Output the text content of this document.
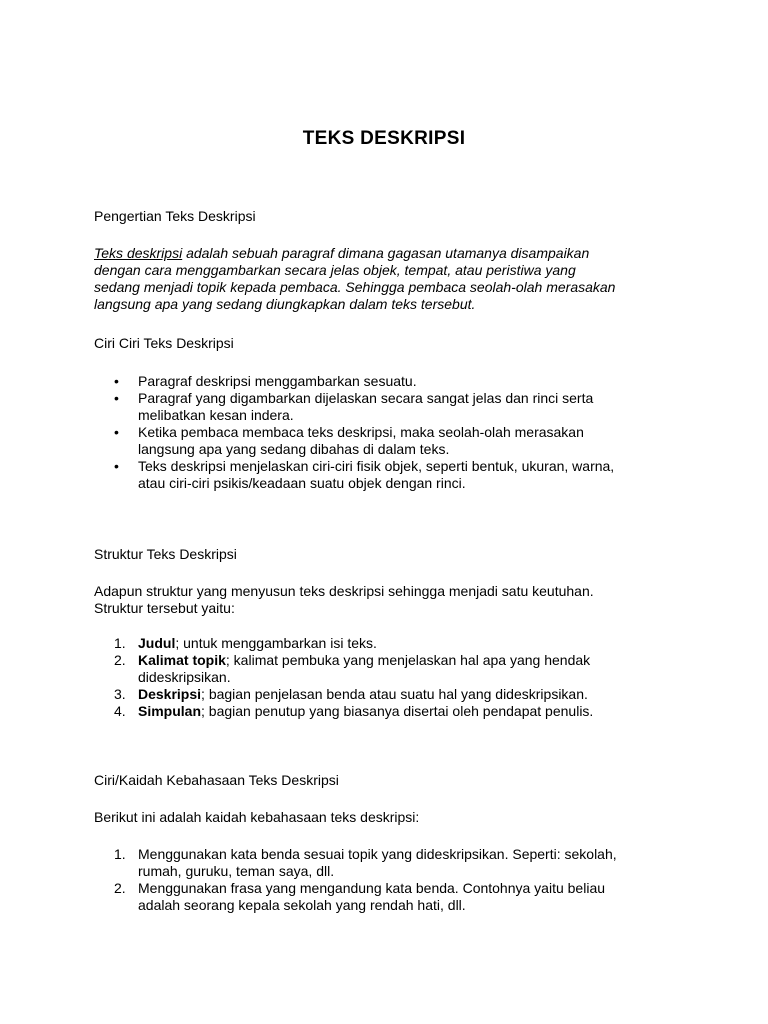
TEKS DESKRIPSI
Pengertian Teks Deskripsi
Teks deskripsi adalah sebuah paragraf dimana gagasan utamanya disampaikan
dengan cara menggambarkan secara jelas objek, tempat, atau peristiwa yang
sedang menjadi topik kepada pembaca. Sehingga pembaca seolah-olah merasakan
langsung apa yang sedang diungkapkan dalam teks tersebut.
Ciri Ciri Teks Deskripsi
• Paragraf deskripsi menggambarkan sesuatu.
• Paragraf yang digambarkan dijelaskan secara sangat jelas dan rinci serta
melibatkan kesan indera.
• Ketika pembaca membaca teks deskripsi, maka seolah-olah merasakan
langsung apa yang sedang dibahas di dalam teks.
• Teks deskripsi menjelaskan ciri-ciri fisik objek, seperti bentuk, ukuran, warna,
atau ciri-ciri psikis/keadaan suatu objek dengan rinci.
Struktur Teks Deskripsi
Adapun struktur yang menyusun teks deskripsi sehingga menjadi satu keutuhan.
Struktur tersebut yaitu:
1. Judul; untuk menggambarkan isi teks.
2. Kalimat topik; kalimat pembuka yang menjelaskan hal apa yang hendak
dideskripsikan.
3. Deskripsi; bagian penjelasan benda atau suatu hal yang dideskripsikan.
4. Simpulan; bagian penutup yang biasanya disertai oleh pendapat penulis.
Ciri/Kaidah Kebahasaan Teks Deskripsi
Berikut ini adalah kaidah kebahasaan teks deskripsi:
1. Menggunakan kata benda sesuai topik yang dideskripsikan. Seperti: sekolah,
rumah, guruku, teman saya, dll.
2. Menggunakan frasa yang mengandung kata benda. Contohnya yaitu beliau
adalah seorang kepala sekolah yang rendah hati, dll.
